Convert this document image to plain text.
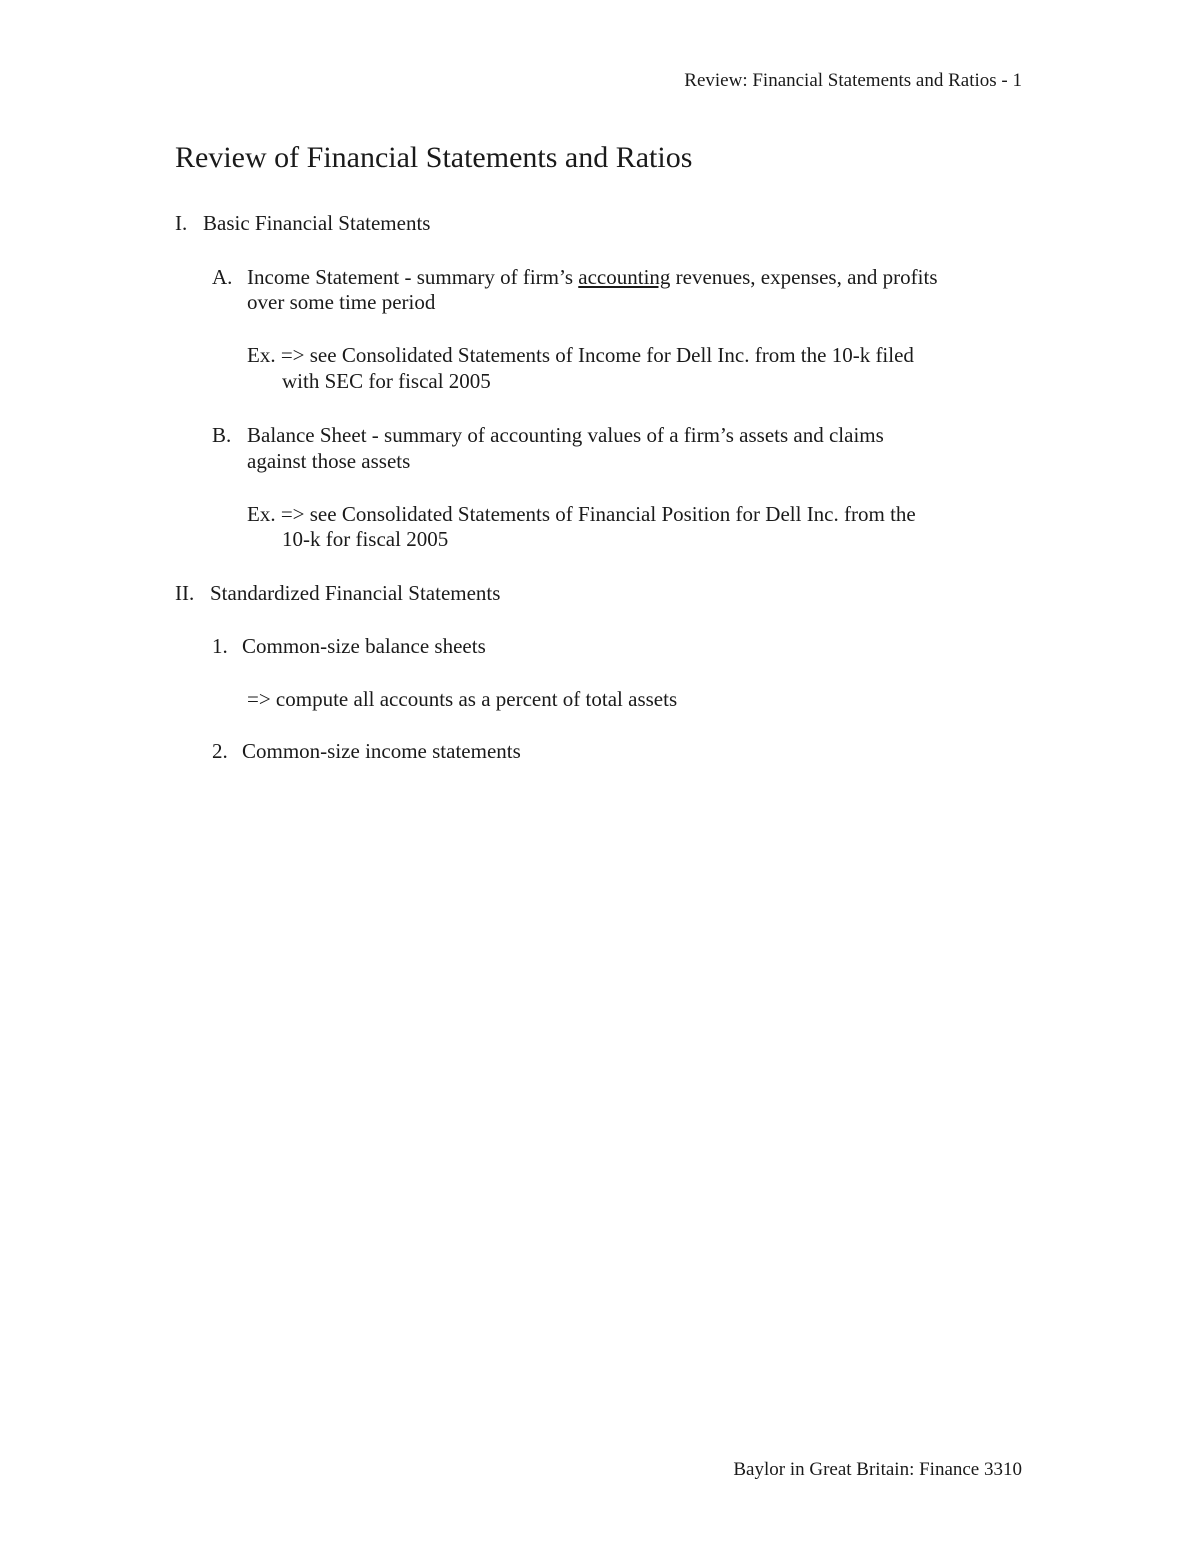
Review: Financial Statements and Ratios - 1
Review of Financial Statements and Ratios
I. Basic Financial Statements
A. Income Statement - summary of firm’s accounting revenues, expenses, and profits
over some time period
Ex. => see Consolidated Statements of Income for Dell Inc. from the 10-k filed
with SEC for fiscal 2005
B. Balance Sheet - summary of accounting values of a firm’s assets and claims
against those assets
Ex. => see Consolidated Statements of Financial Position for Dell Inc. from the
10-k for fiscal 2005
II. Standardized Financial Statements
1. Common-size balance sheets
=> compute all accounts as a percent of total assets
2. Common-size income statements
Baylor in Great Britain: Finance 3310
